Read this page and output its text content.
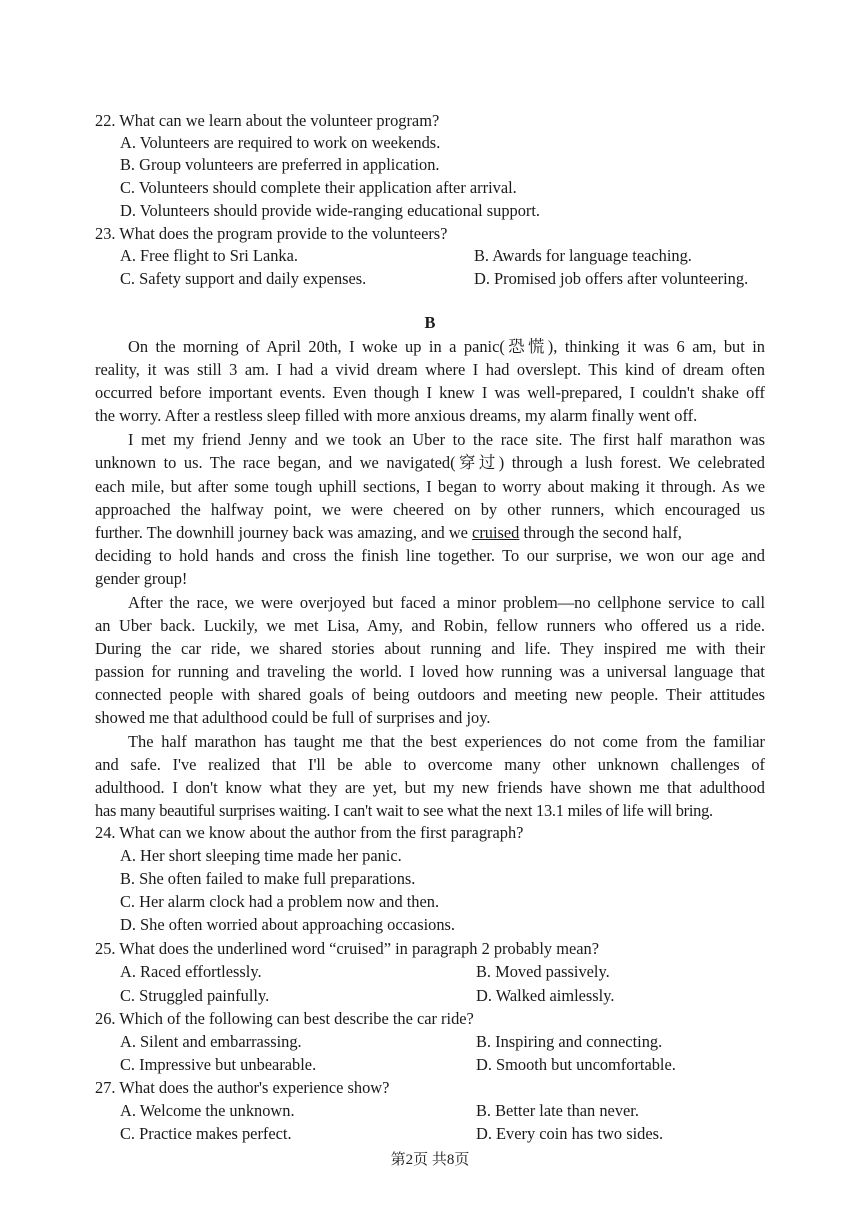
22. What can we learn about the volunteer program?
A. Volunteers are required to work on weekends.
B. Group volunteers are preferred in application.
C. Volunteers should complete their application after arrival.
D. Volunteers should provide wide-ranging educational support.
23. What does the program provide to the volunteers?
A. Free flight to Sri Lanka.	B. Awards for language teaching.
C. Safety support and daily expenses.	D. Promised job offers after volunteering.
B
On the morning of April 20th, I woke up in a panic(恐慌), thinking it was 6 am, but in
reality, it was still 3 am. I had a vivid dream where I had overslept. This kind of dream often
occurred before important events. Even though I knew I was well-prepared, I couldn't shake off
the worry. After a restless sleep filled with more anxious dreams, my alarm finally went off.
I met my friend Jenny and we took an Uber to the race site. The first half marathon was
unknown to us. The race began, and we navigated(穿过) through a lush forest. We celebrated
each mile, but after some tough uphill sections, I began to worry about making it through. As we
approached the halfway point, we were cheered on by other runners, which encouraged us
further. The downhill journey back was amazing, and we cruised through the second half,
deciding to hold hands and cross the finish line together. To our surprise, we won our age and
gender group!
After the race, we were overjoyed but faced a minor problem—no cellphone service to call
an Uber back. Luckily, we met Lisa, Amy, and Robin, fellow runners who offered us a ride.
During the car ride, we shared stories about running and life. They inspired me with their
passion for running and traveling the world. I loved how running was a universal language that
connected people with shared goals of being outdoors and meeting new people. Their attitudes
showed me that adulthood could be full of surprises and joy.
The half marathon has taught me that the best experiences do not come from the familiar
and safe. I've realized that I'll be able to overcome many other unknown challenges of
adulthood. I don't know what they are yet, but my new friends have shown me that adulthood
has many beautiful surprises waiting. I can't wait to see what the next 13.1 miles of life will bring.
24. What can we know about the author from the first paragraph?
A. Her short sleeping time made her panic.
B. She often failed to make full preparations.
C. Her alarm clock had a problem now and then.
D. She often worried about approaching occasions.
25. What does the underlined word “cruised” in paragraph 2 probably mean?
A. Raced effortlessly.	B. Moved passively.
C. Struggled painfully.	D. Walked aimlessly.
26. Which of the following can best describe the car ride?
A. Silent and embarrassing.	B. Inspiring and connecting.
C. Impressive but unbearable.	D. Smooth but uncomfortable.
27. What does the author's experience show?
A. Welcome the unknown.	B. Better late than never.
C. Practice makes perfect.	D. Every coin has two sides.
第2页 共8页
